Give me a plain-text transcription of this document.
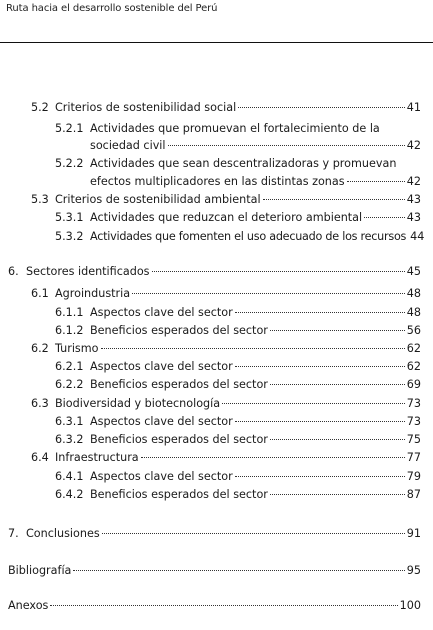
Ruta hacia el desarrollo sostenible del Perú
5.2 Criterios de sostenibilidad social	41
5.2.1 Actividades que promuevan el fortalecimiento de la
sociedad civil	42
5.2.2 Actividades que sean descentralizadoras y promuevan
efectos multiplicadores en las distintas zonas	42
5.3 Criterios de sostenibilidad ambiental	43
5.3.1 Actividades que reduzcan el deterioro ambiental	43
5.3.2 Actividades que fomenten el uso adecuado de los recursos 44
6. Sectores identificados	45
6.1 Agroindustria	48
6.1.1 Aspectos clave del sector	48
6.1.2 Beneficios esperados del sector	56
6.2 Turismo	62
6.2.1 Aspectos clave del sector	62
6.2.2 Beneficios esperados del sector	69
6.3 Biodiversidad y biotecnología	73
6.3.1 Aspectos clave del sector	73
6.3.2 Beneficios esperados del sector	75
6.4 Infraestructura	77
6.4.1 Aspectos clave del sector	79
6.4.2 Beneficios esperados del sector	87
7. Conclusiones	91
Bibliografía	95
Anexos	100
